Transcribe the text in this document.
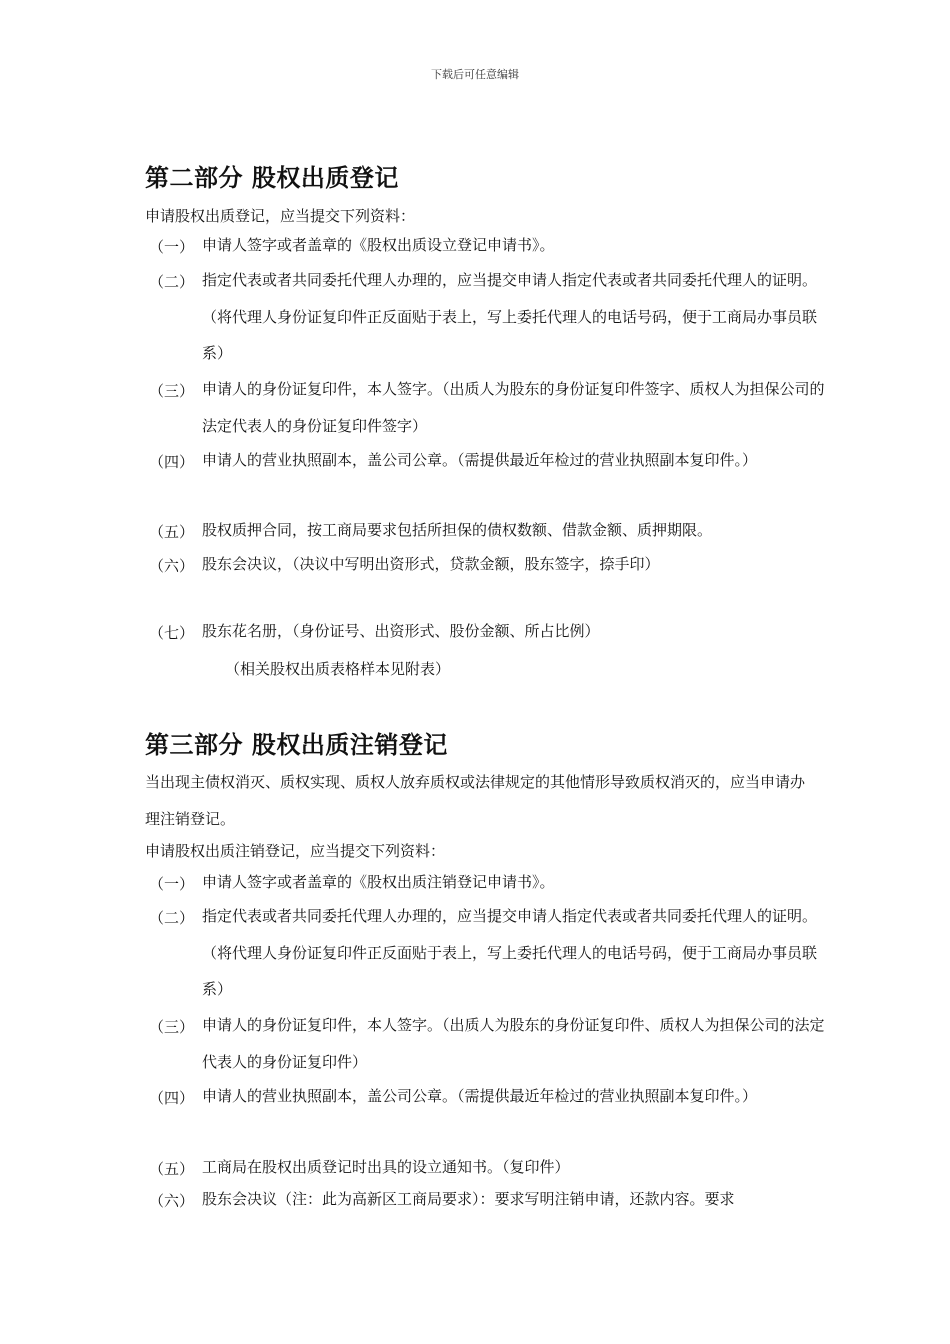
下载后可任意编辑
第二部分 股权出质登记
申请股权出质登记，应当提交下列资料：
（一） 申请人签字或者盖章的《股权出质设立登记申请书》。
（二） 指定代表或者共同委托代理人办理的，应当提交申请人指定代表或者共同委托代理人的证明。（将代理人身份证复印件正反面贴于表上，写上委托代理人的电话号码，便于工商局办事员联系）
（三） 申请人的身份证复印件，本人签字。（出质人为股东的身份证复印件签字、质权人为担保公司的法定代表人的身份证复印件签字）
（四） 申请人的营业执照副本，盖公司公章。（需提供最近年检过的营业执照副本复印件。）
（五） 股权质押合同，按工商局要求包括所担保的债权数额、借款金额、质押期限。
（六） 股东会决议，（决议中写明出资形式，贷款金额，股东签字，捺手印）
（七） 股东花名册，（身份证号、出资形式、股份金额、所占比例）
（相关股权出质表格样本见附表）
第三部分 股权出质注销登记
当出现主债权消灭、质权实现、质权人放弃质权或法律规定的其他情形导致质权消灭的，应当申请办理注销登记。
申请股权出质注销登记，应当提交下列资料：
（一） 申请人签字或者盖章的《股权出质注销登记申请书》。
（二） 指定代表或者共同委托代理人办理的，应当提交申请人指定代表或者共同委托代理人的证明。（将代理人身份证复印件正反面贴于表上，写上委托代理人的电话号码，便于工商局办事员联系）
（三） 申请人的身份证复印件，本人签字。（出质人为股东的身份证复印件、质权人为担保公司的法定代表人的身份证复印件）
（四） 申请人的营业执照副本，盖公司公章。（需提供最近年检过的营业执照副本复印件。）
（五） 工商局在股权出质登记时出具的设立通知书。（复印件）
（六） 股东会决议（注：此为高新区工商局要求）：要求写明注销申请，还款内容。要求
